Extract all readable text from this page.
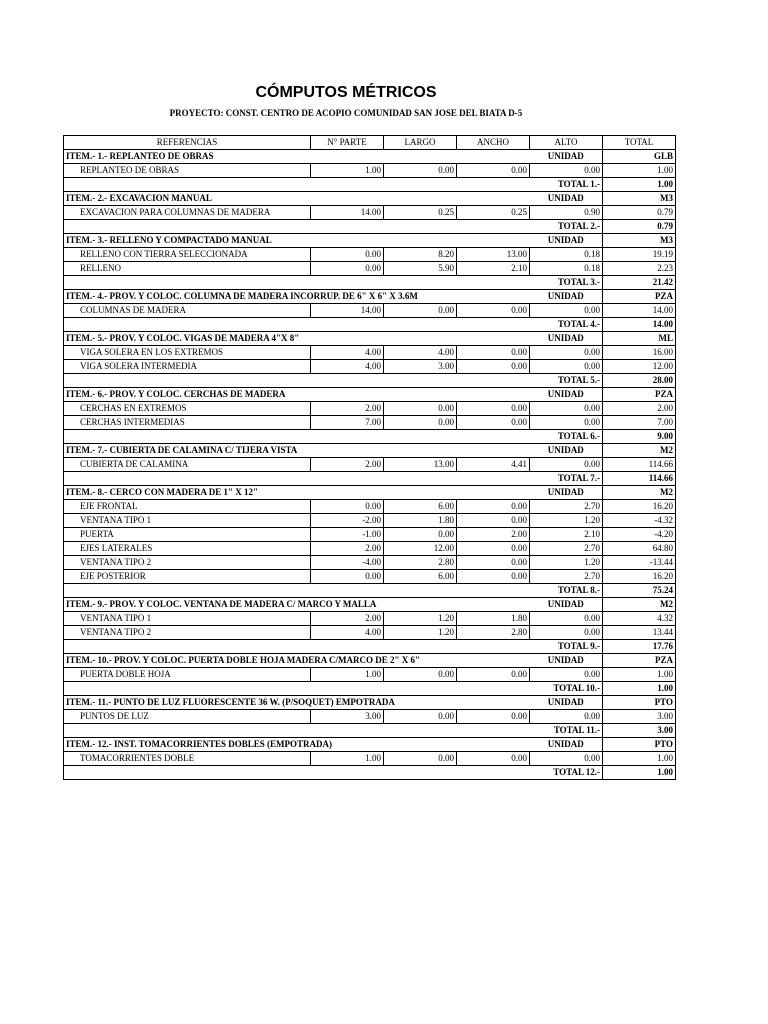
CÓMPUTOS MÉTRICOS
PROYECTO: CONST. CENTRO DE ACOPIO COMUNIDAD SAN JOSE DEL BIATA D-5
REFERENCIAS	N° PARTE	LARGO	ANCHO	ALTO	TOTAL
ITEM.- 1.- REPLANTEO DE OBRAS				UNIDAD	GLB
REPLANTEO DE OBRAS	1.00	0.00	0.00	0.00	1.00
				TOTAL 1.-	1.00
ITEM.- 2.- EXCAVACION MANUAL				UNIDAD	M3
EXCAVACION PARA COLUMNAS DE MADERA	14.00	0.25	0.25	0.90	0.79
				TOTAL 2.-	0.79
ITEM.- 3.- RELLENO Y COMPACTADO MANUAL				UNIDAD	M3
RELLENO CON TIERRA SELECCIONADA	0.00	8.20	13.00	0.18	19.19
RELLENO	0.00	5.90	2.10	0.18	2.23
				TOTAL 3.-	21.42
ITEM.- 4.- PROV. Y COLOC. COLUMNA DE MADERA INCORRUP. DE 6" X 6" X 3.6M				UNIDAD	PZA
COLUMNAS DE MADERA	14.00	0.00	0.00	0.00	14.00
				TOTAL 4.-	14.00
ITEM.- 5.- PROV. Y COLOC. VIGAS DE MADERA 4"X 8"				UNIDAD	ML
VIGA SOLERA EN LOS EXTREMOS	4.00	4.00	0.00	0.00	16.00
VIGA SOLERA INTERMEDIA	4.00	3.00	0.00	0.00	12.00
				TOTAL 5.-	28.00
ITEM.- 6.- PROV. Y COLOC. CERCHAS DE MADERA				UNIDAD	PZA
CERCHAS EN EXTREMOS	2.00	0.00	0.00	0.00	2.00
CERCHAS INTERMEDIAS	7.00	0.00	0.00	0.00	7.00
				TOTAL 6.-	9.00
ITEM.- 7.- CUBIERTA DE CALAMINA C/ TIJERA VISTA				UNIDAD	M2
CUBIERTA DE CALAMINA	2.00	13.00	4.41	0.00	114.66
				TOTAL 7.-	114.66
ITEM.- 8.- CERCO CON MADERA DE 1" X 12"				UNIDAD	M2
EJE FRONTAL	0.00	6.00	0.00	2.70	16.20
VENTANA TIPO 1	-2.00	1.80	0.00	1.20	-4.32
PUERTA	-1.00	0.00	2.00	2.10	-4.20
EJES LATERALES	2.00	12.00	0.00	2.70	64.80
VENTANA TIPO 2	-4.00	2.80	0.00	1.20	-13.44
EJE POSTERIOR	0.00	6.00	0.00	2.70	16.20
				TOTAL 8.-	75.24
ITEM.- 9.- PROV. Y COLOC. VENTANA DE MADERA C/ MARCO Y MALLA				UNIDAD	M2
VENTANA TIPO 1	2.00	1.20	1.80	0.00	4.32
VENTANA TIPO 2	4.00	1.20	2.80	0.00	13.44
				TOTAL 9.-	17.76
ITEM.- 10.- PROV. Y COLOC. PUERTA DOBLE HOJA MADERA C/MARCO DE 2" X 6"				UNIDAD	PZA
PUERTA DOBLE HOJA	1.00	0.00	0.00	0.00	1.00
				TOTAL 10.-	1.00
ITEM.- 11.- PUNTO DE LUZ FLUORESCENTE 36 W. (P/SOQUET) EMPOTRADA				UNIDAD	PTO
PUNTOS DE LUZ	3.00	0.00	0.00	0.00	3.00
				TOTAL 11.-	3.00
ITEM.- 12.- INST. TOMACORRIENTES DOBLES (EMPOTRADA)				UNIDAD	PTO
TOMACORRIENTES DOBLE	1.00	0.00	0.00	0.00	1.00
				TOTAL 12.-	1.00
